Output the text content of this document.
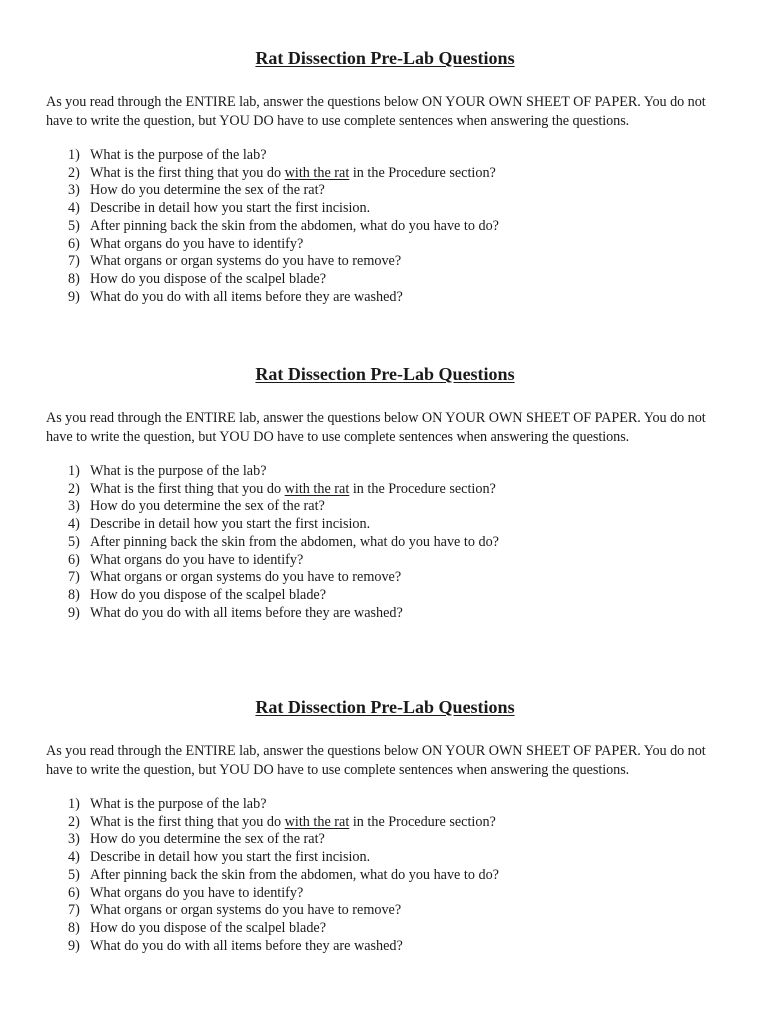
Rat Dissection Pre-Lab Questions

As you read through the ENTIRE lab, answer the questions below ON YOUR OWN SHEET OF PAPER. You do not have to write the question, but YOU DO have to use complete sentences when answering the questions.

1) What is the purpose of the lab?
2) What is the first thing that you do with the rat in the Procedure section?
3) How do you determine the sex of the rat?
4) Describe in detail how you start the first incision.
5) After pinning back the skin from the abdomen, what do you have to do?
6) What organs do you have to identify?
7) What organs or organ systems do you have to remove?
8) How do you dispose of the scalpel blade?
9) What do you do with all items before they are washed?
Rat Dissection Pre-Lab Questions

As you read through the ENTIRE lab, answer the questions below ON YOUR OWN SHEET OF PAPER. You do not have to write the question, but YOU DO have to use complete sentences when answering the questions.

1) What is the purpose of the lab?
2) What is the first thing that you do with the rat in the Procedure section?
3) How do you determine the sex of the rat?
4) Describe in detail how you start the first incision.
5) After pinning back the skin from the abdomen, what do you have to do?
6) What organs do you have to identify?
7) What organs or organ systems do you have to remove?
8) How do you dispose of the scalpel blade?
9) What do you do with all items before they are washed?
Rat Dissection Pre-Lab Questions

As you read through the ENTIRE lab, answer the questions below ON YOUR OWN SHEET OF PAPER. You do not have to write the question, but YOU DO have to use complete sentences when answering the questions.

1) What is the purpose of the lab?
2) What is the first thing that you do with the rat in the Procedure section?
3) How do you determine the sex of the rat?
4) Describe in detail how you start the first incision.
5) After pinning back the skin from the abdomen, what do you have to do?
6) What organs do you have to identify?
7) What organs or organ systems do you have to remove?
8) How do you dispose of the scalpel blade?
9) What do you do with all items before they are washed?
